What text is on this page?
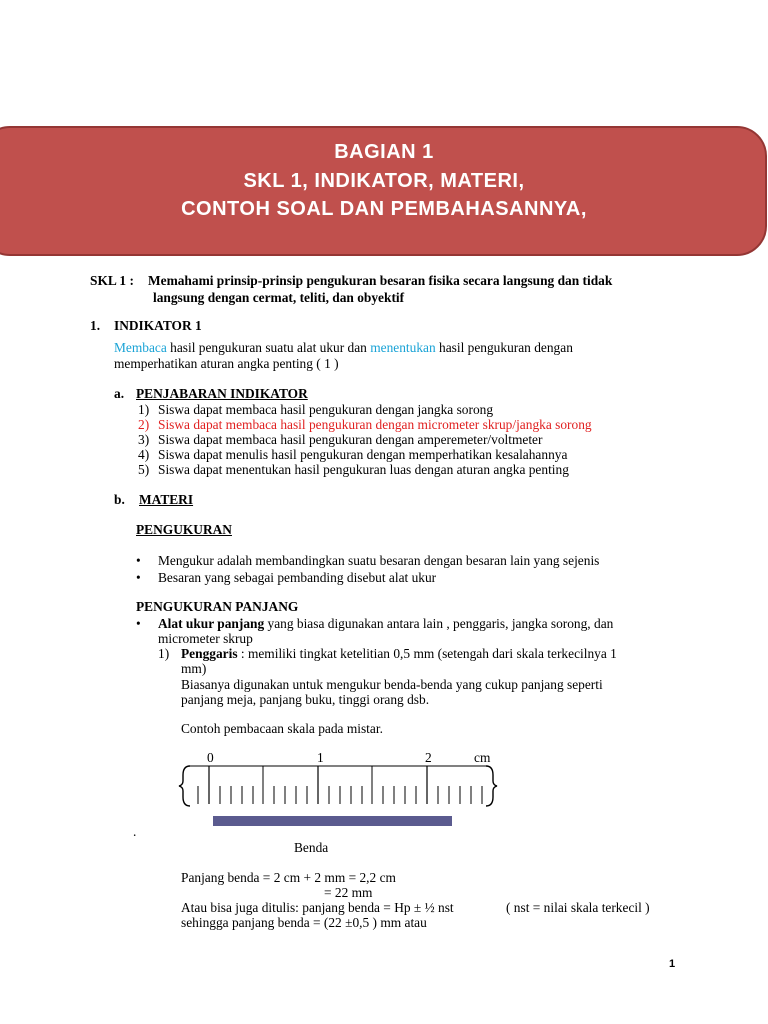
BAGIAN 1
SKL 1, INDIKATOR, MATERI,
CONTOH SOAL DAN PEMBAHASANNYA,
SKL 1 : Memahami prinsip-prinsip pengukuran besaran fisika secara langsung dan tidak
langsung dengan cermat, teliti, dan obyektif
1. INDIKATOR 1
Membaca hasil pengukuran suatu alat ukur dan menentukan hasil pengukuran dengan
memperhatikan aturan angka penting ( 1 )
a. PENJABARAN INDIKATOR
1) Siswa dapat membaca hasil pengukuran dengan jangka sorong
2) Siswa dapat membaca hasil pengukuran dengan micrometer skrup/jangka sorong
3) Siswa dapat membaca hasil pengukuran dengan amperemeter/voltmeter
4) Siswa dapat menulis hasil pengukuran dengan memperhatikan kesalahannya
5) Siswa dapat menentukan hasil pengukuran luas dengan aturan angka penting
b. MATERI
PENGUKURAN
• Mengukur adalah membandingkan suatu besaran dengan besaran lain yang sejenis
• Besaran yang sebagai pembanding disebut alat ukur
PENGUKURAN PANJANG
• Alat ukur panjang yang biasa digunakan antara lain , penggaris, jangka sorong, dan
micrometer skrup
1) Penggaris : memiliki tingkat ketelitian 0,5 mm (setengah dari skala terkecilnya 1
mm)
Biasanya digunakan untuk mengukur benda-benda yang cukup panjang seperti
panjang meja, panjang buku, tinggi orang dsb.
Contoh pembacaan skala pada mistar.
0	1	2	cm
.
Benda
Panjang benda = 2 cm + 2 mm = 2,2 cm
= 22 mm
Atau bisa juga ditulis: panjang benda = Hp ± ½ nst	( nst = nilai skala terkecil )
sehingga panjang benda = (22 ±0,5 ) mm atau
1
